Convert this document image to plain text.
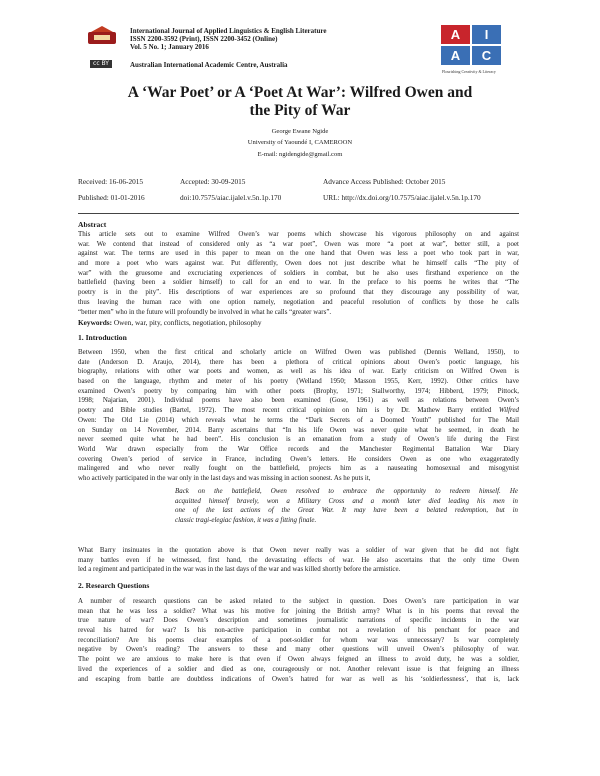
cc BY
International Journal of Applied Linguistics & English Literature
ISSN 2200-3592 (Print), ISSN 2200-3452 (Online)
Vol. 5 No. 1; January 2016
Australian International Academic Centre, Australia
A	I
A	C
Flourishing Creativity & Literacy
A ‘War Poet’ or A ‘Poet At War’: Wilfred Owen and
the Pity of War
George Ewane Ngide
University of Yaoundé I, CAMEROON
E-mail: ngidengide@gmail.com
Received: 16-06-2015	Accepted: 30-09-2015	Advance Access Published: October 2015
Published: 01-01-2016	doi:10.7575/aiac.ijalel.v.5n.1p.170	URL: http://dx.doi.org/10.7575/aiac.ijalel.v.5n.1p.170
Abstract
This article sets out to examine Wilfred Owen’s war poems which showcase his vigorous philosophy on and against
war. We contend that instead of considered only as “a war poet”, Owen was more “a poet at war”, better still, a poet
against war. The terms are used in this paper to mean on the one hand that Owen was less a poet who took part in war,
and more a poet who wars against war. Put differently, Owen does not just describe what he himself calls “The pity of
war” with the gruesome and excruciating experiences of soldiers in combat, but he also uses firsthand experience on the
battlefield (having been a soldier himself) to call for an end to war. In the preface to his poems he writes that “The
poetry is in the pity”. His descriptions of war experiences are so profound that they discourage any possibility of war,
thus leaving the human race with one option namely, negotiation and peaceful resolution of conflicts by those he calls
“better men” who in the future will profoundly be involved in what he calls “greater wars”.
Keywords: Owen, war, pity, conflicts, negotiation, philosophy
1. Introduction
Between 1950, when the first critical and scholarly article on Wilfred Owen was published (Dennis Welland, 1950), to
date (Anderson D. Araujo, 2014), there has been a plethora of critical opinions about Owen’s poetic language, his
biography, relations with other war poets and women, as well as his idea of war. Early criticism on Wilfred Owen is
based on the language, rhythm and meter of his poetry (Welland 1950; Masson 1955, Kerr, 1992). Other critics have
examined Owen’s poetry by comparing him with other poets (Brophy, 1971; Stallworthy, 1974; Hibberd, 1979; Pittock,
1998; Najarian, 2001). Individual poems have also been examined (Gose, 1961) as well as relations between Owen’s
poetry and Bible studies (Bartel, 1972). The most recent critical opinion on him is by Dr. Mathew Barry entitled Wilfred
Owen: The Old Lie (2014) which reveals what he terms the “Dark Secrets of a Doomed Youth” published for The Mail
on Sunday on 14 November, 2014. Barry ascertains that “In his life Owen was never quite what he seemed, in death he
never seemed quite what he had been”. His conclusion is an emanation from a study of Owen’s life during the First
World War drawn especially from the War Office records and the Manchester Regimental Battalion War Diary
covering Owen’s period of service in France, including Owen’s letters. He considers Owen as one who exaggeratedly
malingered and who never really fought on the battlefield, projects him as a nauseating homosexual and misogynist
who actively participated in the war only in the last days and was missing in action soonest. As he puts it,
Back on the battlefield, Owen resolved to embrace the opportunity to redeem himself. He
acquitted himself bravely, won a Military Cross and a month later died leading his men in
one of the last actions of the Great War. It may have been a belated redemption, but in
classic tragi-elegiac fashion, it was a fitting finale.
What Barry insinuates in the quotation above is that Owen never really was a soldier of war given that he did not fight
many battles even if he witnessed, first hand, the devastating effects of war. He also ascertains that the only time Owen
led a regiment and participated in the war was in the last days of the war and was killed shortly before the armistice.
2. Research Questions
A number of research questions can be asked related to the subject in question. Does Owen’s rare participation in war
mean that he was less a soldier? What was his motive for joining the British army? What is in his poems that reveal the
true nature of war? Does Owen’s description and sometimes journalistic narrations of specific incidents in the war
reveal his hatred for war? Is his non-active participation in combat not a revelation of his penchant for peace and
reconciliation? Are his poems clear examples of a poet-soldier for whom war was unnecessary? Is war completely
negative by Owen’s reading? The answers to these and many other questions will unveil Owen’s philosophy of war.
The point we are anxious to make here is that even if Owen always feigned an illness to avoid duty, he was a soldier,
lived the experiences of a soldier and died as one, courageously or not. Another relevant issue is that feigning an illness
and escaping from battle are doubtless indications of Owen’s hatred for war as well as his ‘soldierlessness’, that is, lack
